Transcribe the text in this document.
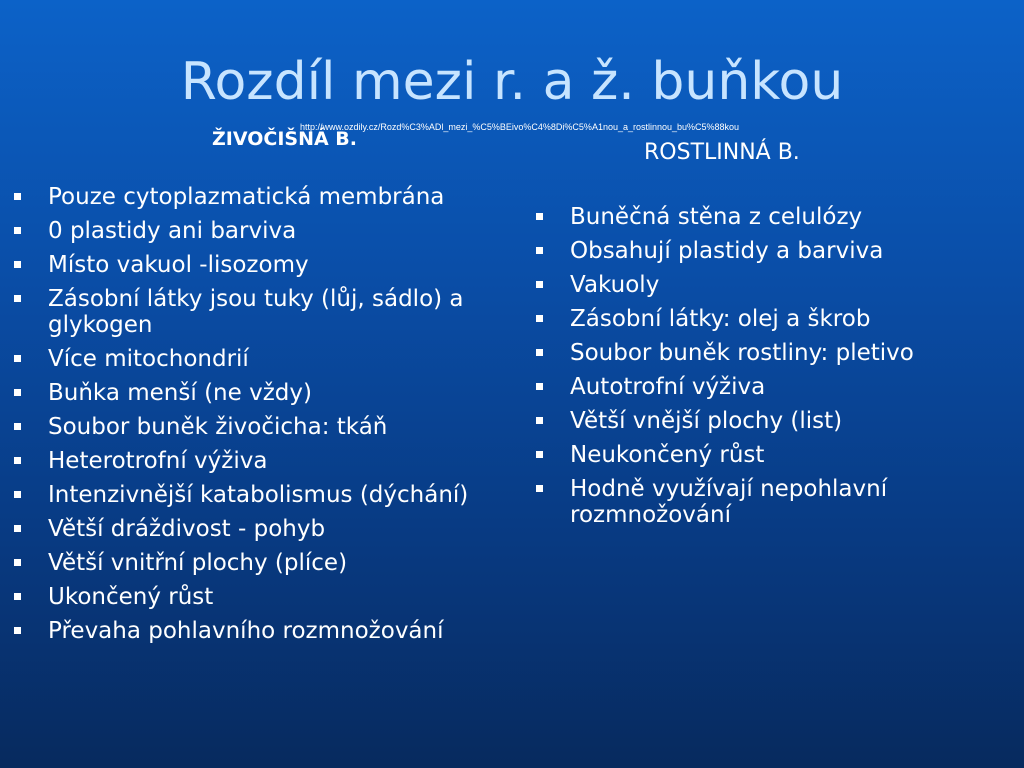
Rozdíl mezi r. a ž. buňkou
http://www.ozdily.cz/Rozd%C3%ADl_mezi_%C5%BEivo%C4%8Di%C5%A1nou_a_rostlinnou_bu%C5%88kou
ŽIVOČIŠNÁ B.
ROSTLINNÁ B.
Pouze cytoplazmatická membrána
0 plastidy ani barviva
Místo vakuol -lisozomy
Zásobní látky jsou tuky (lůj, sádlo) a glykogen
Více mitochondrií
Buňka menší (ne vždy)
Soubor buněk živočicha: tkáň
Heterotrofní výživa
Intenzivnější katabolismus (dýchání)
Větší dráždivost - pohyb
Větší vnitřní plochy (plíce)
Ukončený růst
Převaha pohlavního rozmnožování
Buněčná stěna z celulózy
Obsahují plastidy a barviva
Vakuoly
Zásobní látky: olej a škrob
Soubor buněk rostliny: pletivo
Autotrofní výživa
Větší vnější plochy (list)
Neukončený růst
Hodně využívají nepohlavní rozmnožování
